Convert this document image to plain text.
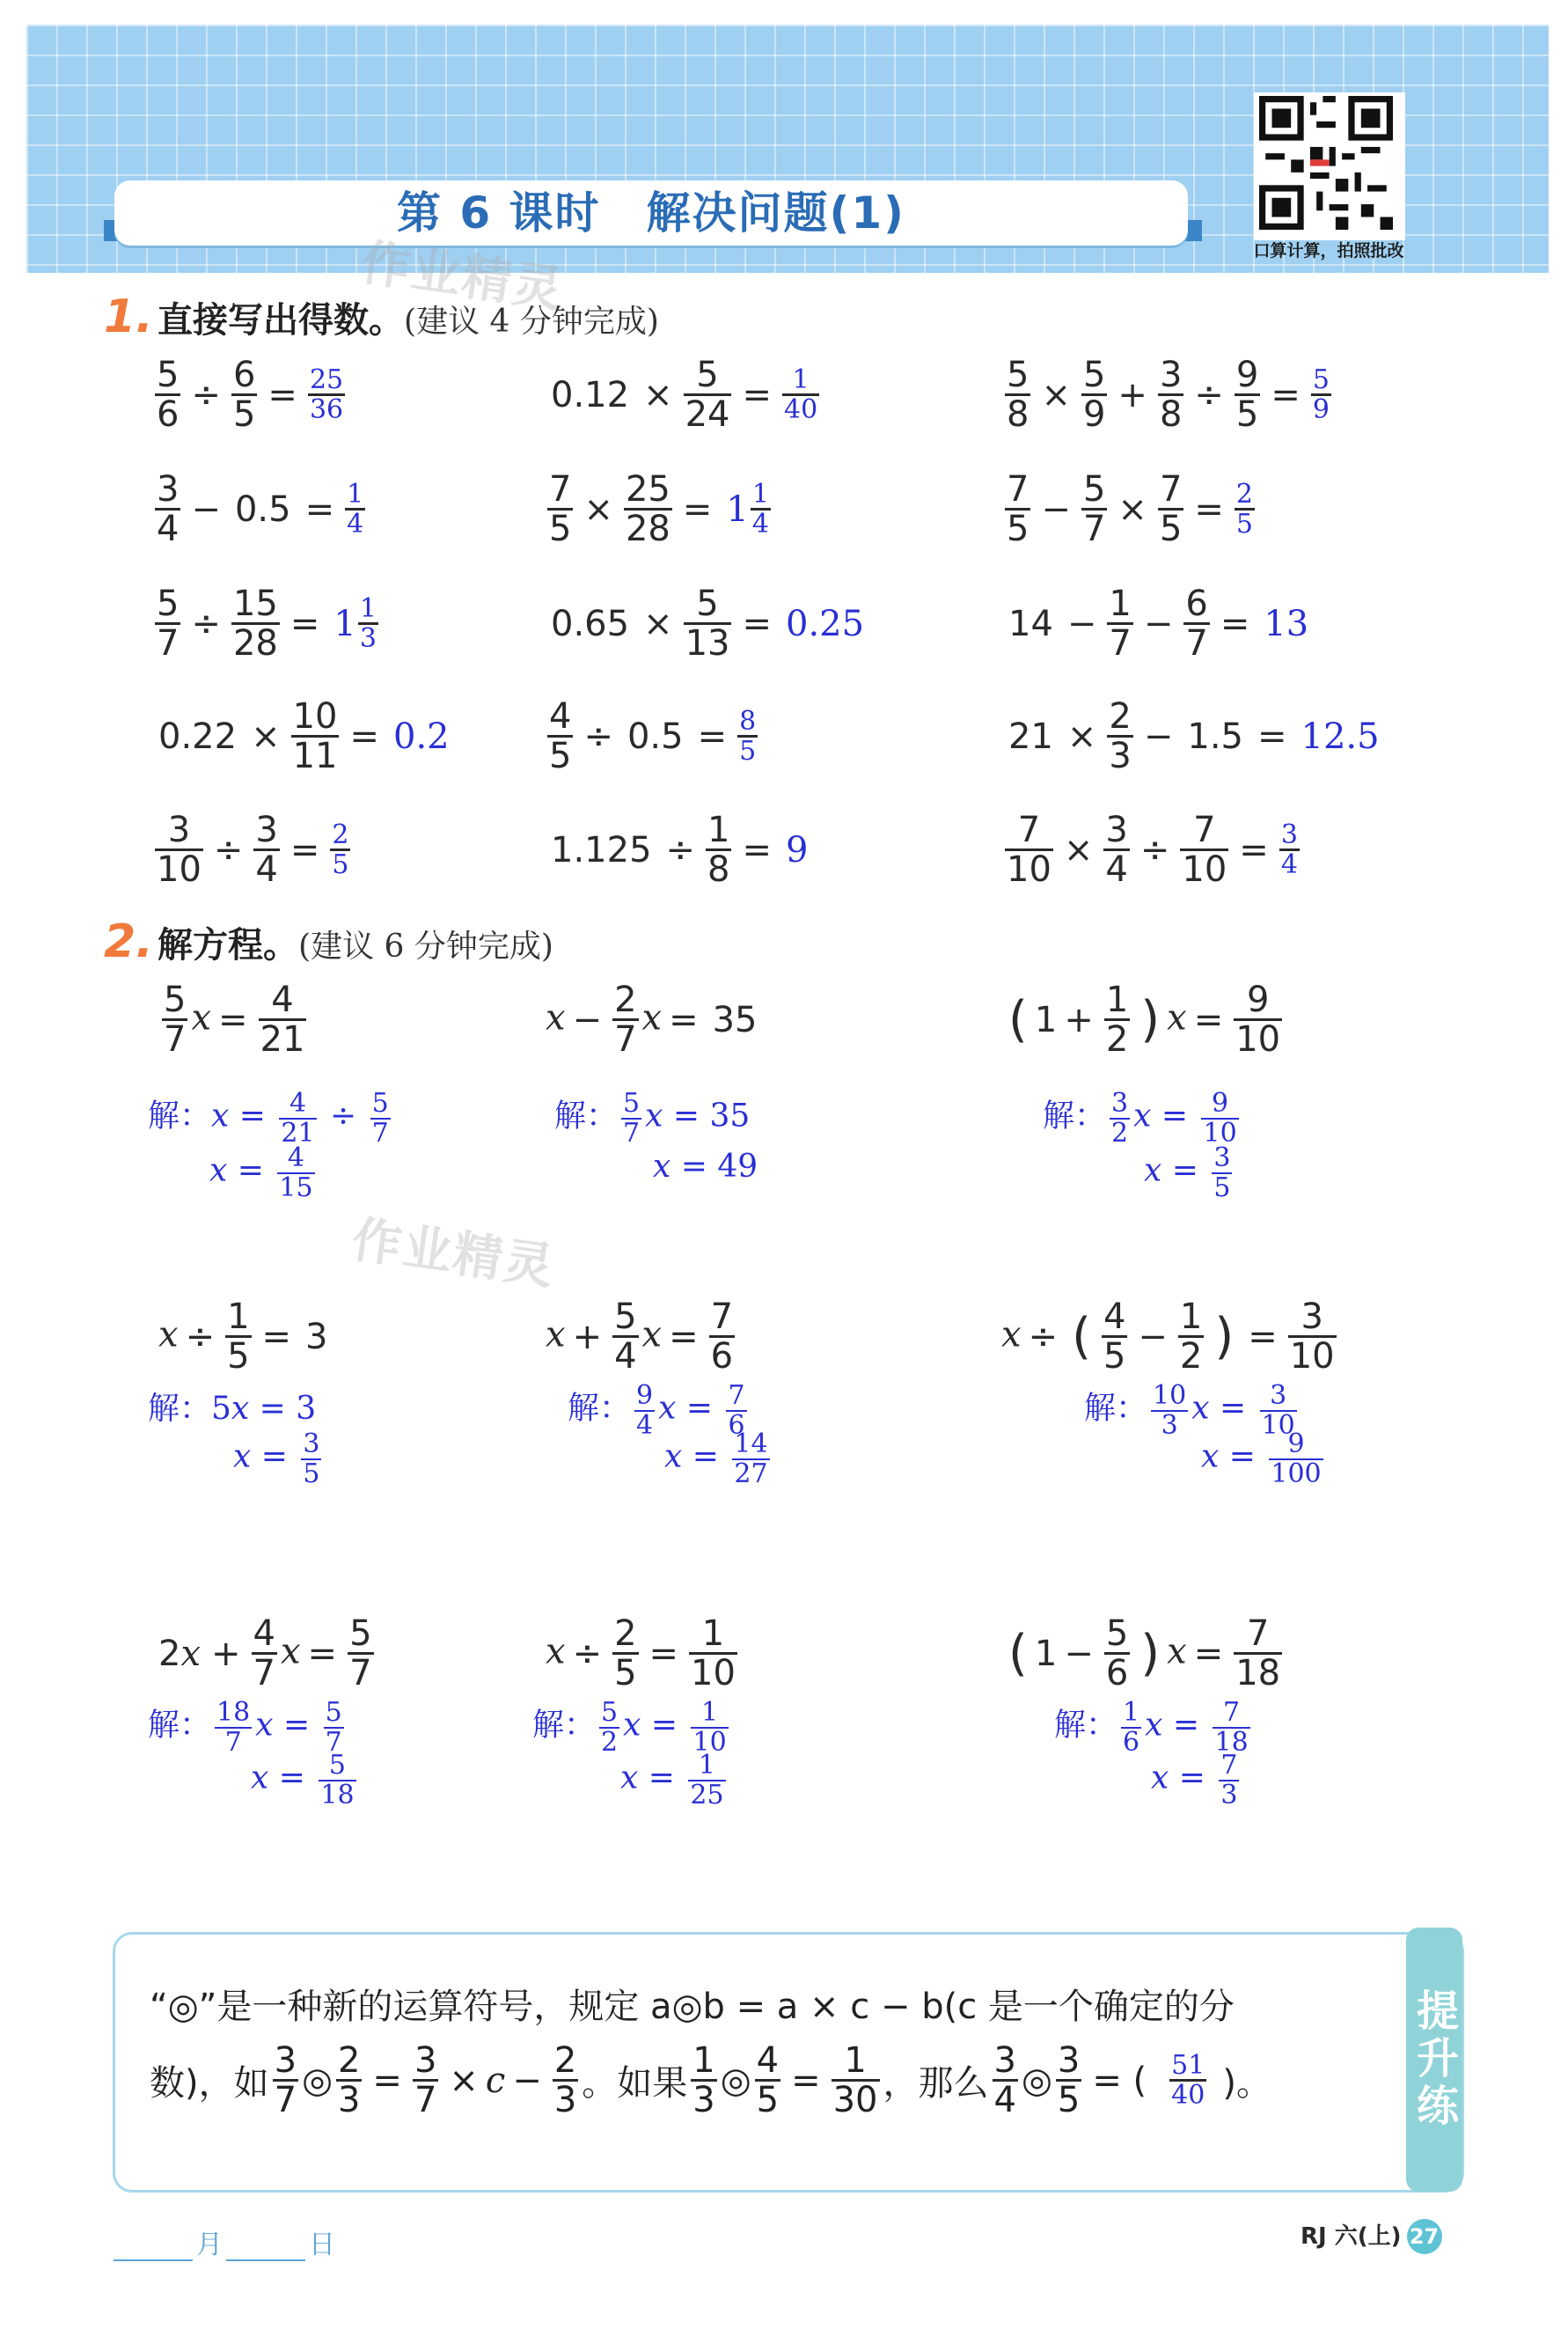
第 6 课时　解决问题(1)
口算计算，拍照批改
作业精灵
作业精灵
1. 直接写出得数。(建议 4 分钟完成)
$\frac{5}{6} \div \frac{6}{5} = \frac{25}{36}$	$0.12 \times \frac{5}{24} = \frac{1}{40}$	$\frac{5}{8} \times \frac{5}{9} + \frac{3}{8} \div \frac{9}{5} = \frac{5}{9}$
$\frac{3}{4} - 0.5 = \frac{1}{4}$	$\frac{7}{5} \times \frac{25}{28} = 1 \frac{1}{4}$	$\frac{7}{5} - \frac{5}{7} \times \frac{7}{5} = \frac{2}{5}$
$\frac{5}{7} \div \frac{15}{28} = 1 \frac{1}{3}$	$0.65 \times \frac{5}{13} = 0.25$	$14 - \frac{1}{7} - \frac{6}{7} = 13$
$0.22 \times \frac{10}{11} = 0.2$	$\frac{4}{5} \div 0.5 = \frac{8}{5}$	$21 \times \frac{2}{3} - 1.5 = 12.5$
$\frac{3}{10} \div \frac{3}{4} = \frac{2}{5}$	$1.125 \div \frac{1}{8} = 9$	$\frac{7}{10} \times \frac{3}{4} \div \frac{7}{10} = \frac{3}{4}$
2. 解方程。(建议 6 分钟完成)
$\frac{5}{7}$ $x = \frac{4}{21}$
解：$x = \frac{4}{21} \div \frac{5}{7}$
$x = \frac{4}{15}$
$x - \frac{2}{7}$ x = 35
解： $\frac{5}{7}$ x = 35
x = 49
( $1 + \frac{1}{2}$ ) $x = \frac{9}{10}$
解： $\frac{3}{2}$ $x = \frac{9}{10}$
$x = \frac{3}{5}$
$x \div \frac{1}{5} = 3$
解：5x = 3
$x = \frac{3}{5}$
$x + \frac{5}{4}$ $x = \frac{7}{6}$
解： $\frac{9}{4}$ $x = \frac{7}{6}$
$x = \frac{14}{27}$
x ÷ ( $\frac{4}{5} - \frac{1}{2}$ ) = $\frac{3}{10}$
解： $\frac{10}{3}$ $x = \frac{3}{10}$
$x = \frac{9}{100}$
$2x + \frac{4}{7}$ $x = \frac{5}{7}$
解： $\frac{18}{7}$ $x = \frac{5}{7}$
$x = \frac{5}{18}$
$x \div \frac{2}{5} = \frac{1}{10}$
解： $\frac{5}{2}$ $x = \frac{1}{10}$
$x = \frac{1}{25}$
( $1 - \frac{5}{6}$ ) $x = \frac{7}{18}$
解： $\frac{1}{6}$ $x = \frac{7}{18}$
$x = \frac{7}{3}$
提升练
“◎”是一种新的运算符号，规定 a◎b = a × c − b(c 是一个确定的分
数)，如 $\frac{3}{7}$ ◎ $\frac{2}{3} = \frac{3}{7} \times c - \frac{2}{3}$ 。如果 $\frac{1}{3}$ ◎ $\frac{4}{5} = \frac{1}{30}$ ，那么 $\frac{3}{4}$ ◎ $\frac{3}{5}$ = ( $\frac{51}{40}$ )。
月	日	RJ 六(上) 27
